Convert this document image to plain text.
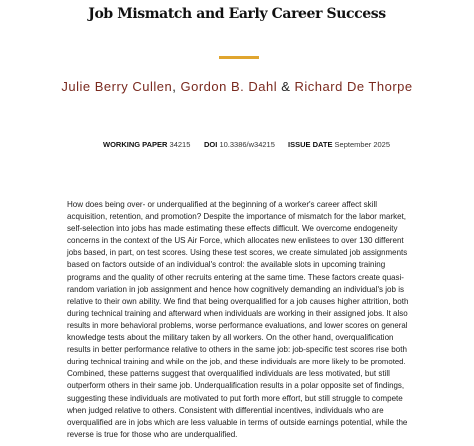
Job Mismatch and Early Career Success
Julie Berry Cullen, Gordon B. Dahl & Richard De Thorpe
WORKING PAPER 34215 DOI 10.3386/w34215 ISSUE DATE September 2025
How does being over- or underqualified at the beginning of a worker's career affect skill
acquisition, retention, and promotion? Despite the importance of mismatch for the labor market,
self-selection into jobs has made estimating these effects difficult. We overcome endogeneity
concerns in the context of the US Air Force, which allocates new enlistees to over 130 different
jobs based, in part, on test scores. Using these test scores, we create simulated job assignments
based on factors outside of an individual's control: the available slots in upcoming training
programs and the quality of other recruits entering at the same time. These factors create quasi-
random variation in job assignment and hence how cognitively demanding an individual's job is
relative to their own ability. We find that being overqualified for a job causes higher attrition, both
during technical training and afterward when individuals are working in their assigned jobs. It also
results in more behavioral problems, worse performance evaluations, and lower scores on general
knowledge tests about the military taken by all workers. On the other hand, overqualification
results in better performance relative to others in the same job: job-specific test scores rise both
during technical training and while on the job, and these individuals are more likely to be promoted.
Combined, these patterns suggest that overqualified individuals are less motivated, but still
outperform others in their same job. Underqualification results in a polar opposite set of findings,
suggesting these individuals are motivated to put forth more effort, but still struggle to compete
when judged relative to others. Consistent with differential incentives, individuals who are
overqualified are in jobs which are less valuable in terms of outside earnings potential, while the
reverse is true for those who are underqualified.
